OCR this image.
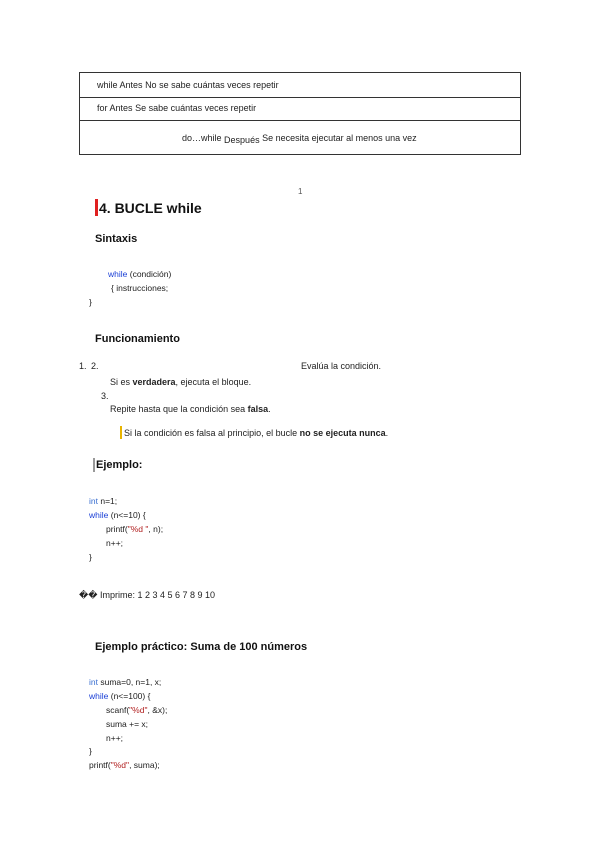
while Antes No se sabe cuántas veces repetir
for Antes Se sabe cuántas veces repetir
do…while Después Se necesita ejecutar al menos una vez
1
4. BUCLE while
Sintaxis
while (condición)
{ instrucciones;
}
Funcionamiento
1. 2.	Evalúa la condición.
Si es verdadera, ejecuta el bloque.
3.
Repite hasta que la condición sea falsa.
Si la condición es falsa al principio, el bucle no se ejecuta nunca.
Ejemplo:
int n=1;
while (n<=10) {
printf("%d ", n);
n++;
}
�� Imprime: 1 2 3 4 5 6 7 8 9 10
Ejemplo práctico: Suma de 100 números
int suma=0, n=1, x;
while (n<=100) {
scanf("%d", &x);
suma += x;
n++;
}
printf("%d", suma);
